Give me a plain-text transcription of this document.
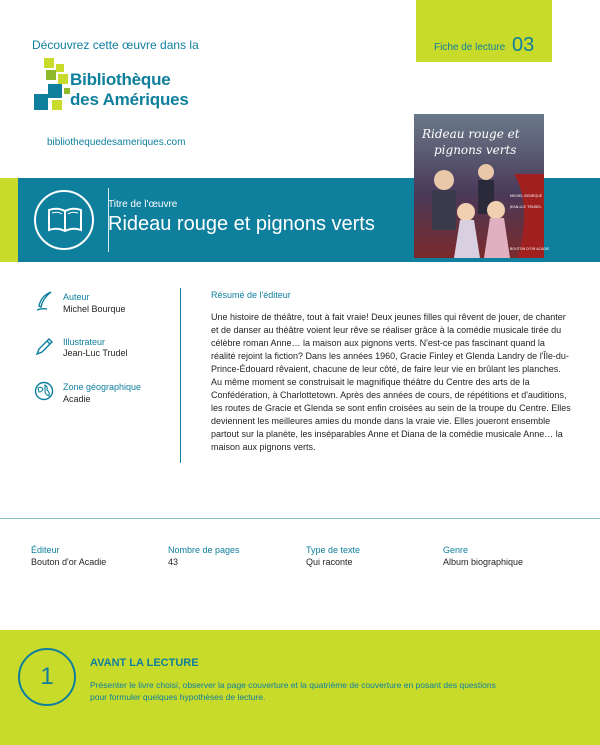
Découvrez cette œuvre dans la
Bibliothèque
des Amériques
bibliothequedesameriques.com
Fiche de lecture 03
Titre de l'œuvre
Rideau rouge et pignons verts
Rideau rouge et
pignons verts
MICHEL BOURQUE
JEAN-LUC TRUDEL
BOUTON D'OR ACADIE
Auteur
Michel Bourque
Illustrateur
Jean-Luc Trudel
Zone géographique
Acadie
Résumé de l'éditeur
Une histoire de théâtre, tout à fait vraie! Deux jeunes filles qui rêvent de jouer, de chanter et de danser au théâtre voient leur rêve se réaliser grâce à la comédie musicale tirée du célèbre roman Anne… la maison aux pignons verts. N'est-ce pas fascinant quand la réalité rejoint la fiction? Dans les années 1960, Gracie Finley et Glenda Landry de l'Île-du-Prince-Édouard rêvaient, chacune de leur côté, de faire leur vie en brûlant les planches. Au même moment se construisait le magnifique théâtre du Centre des arts de la Confédération, à Charlottetown. Après des années de cours, de répétitions et d'auditions, les routes de Gracie et Glenda se sont enfin croisées au sein de la troupe du Centre. Elles deviennent les meilleures amies du monde dans la vraie vie. Elles joueront ensemble partout sur la planète, les inséparables Anne et Diana de la comédie musicale Anne… la maison aux pignons verts.
Éditeur
Bouton d'or Acadie
Nombre de pages
43
Type de texte
Qui raconte
Genre
Album biographique
1	AVANT LA LECTURE
Présenter le livre choisi, observer la page couverture et la quatrième de couverture en posant des questions pour formuler quelques hypothèses de lecture.
